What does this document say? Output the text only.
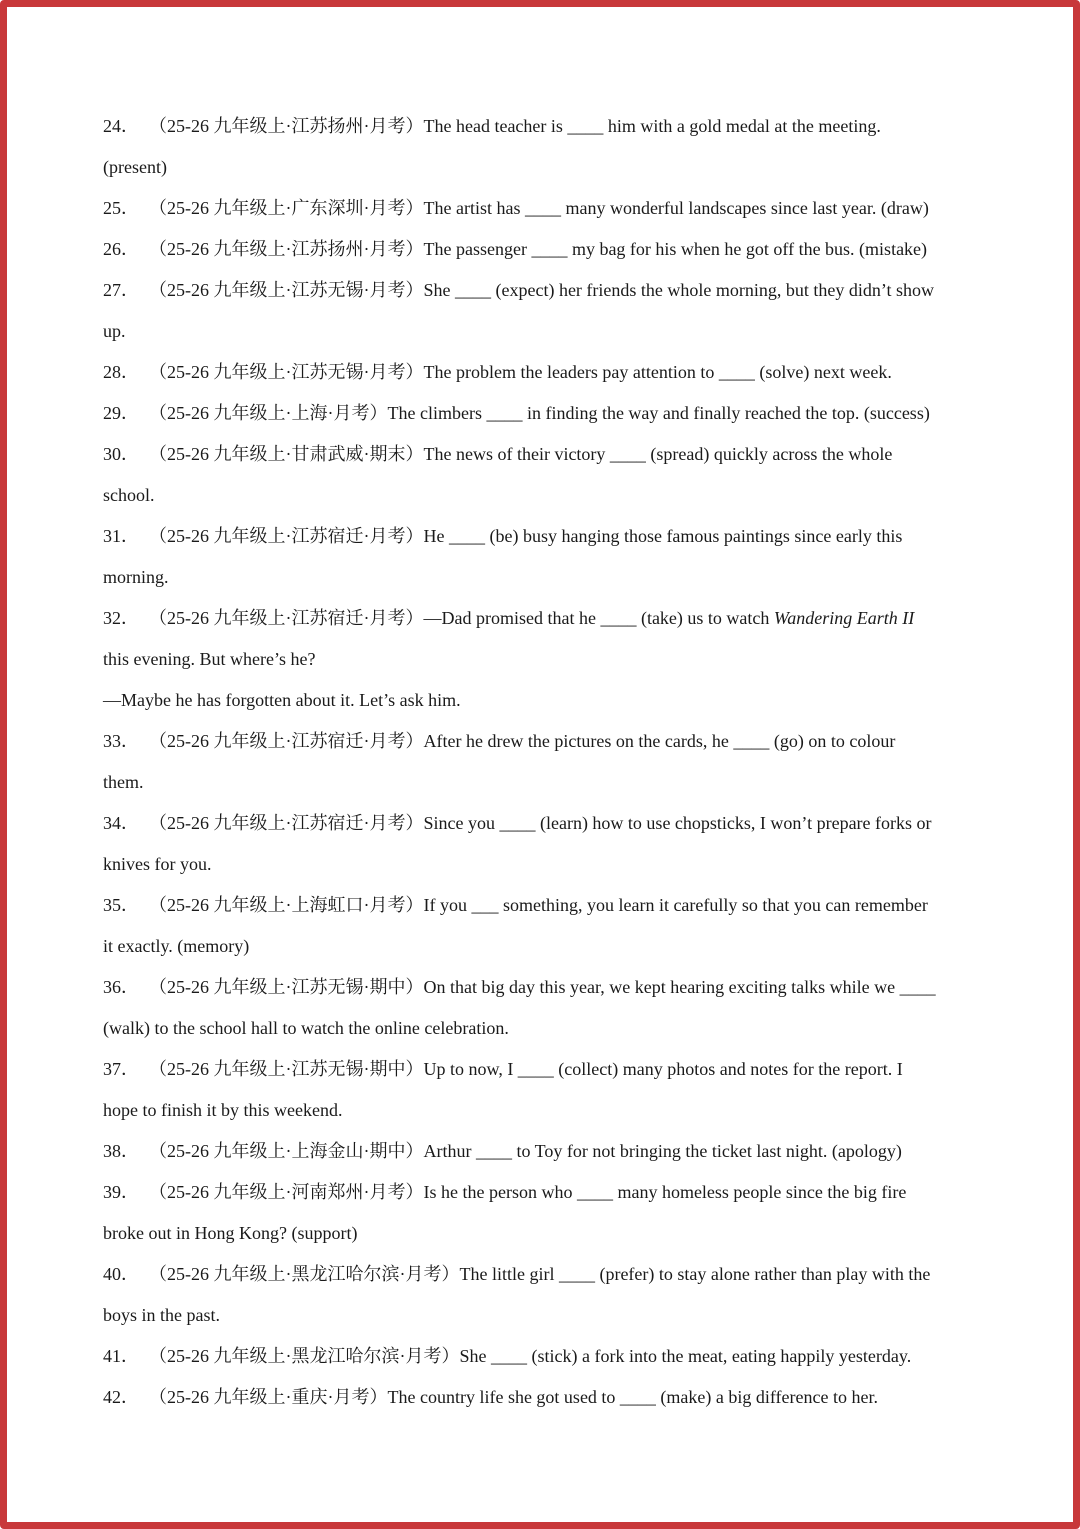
24． （25-26 九年级上·江苏扬州·月考）The head teacher is ____ him with a gold medal at the meeting.
(present)
25． （25-26 九年级上·广东深圳·月考）The artist has ____ many wonderful landscapes since last year. (draw)
26． （25-26 九年级上·江苏扬州·月考）The passenger ____ my bag for his when he got off the bus. (mistake)
27． （25-26 九年级上·江苏无锡·月考）She ____ (expect) her friends the whole morning, but they didn’t show
up.
28． （25-26 九年级上·江苏无锡·月考）The problem the leaders pay attention to ____ (solve) next week.
29． （25-26 九年级上·上海·月考）The climbers ____ in finding the way and finally reached the top. (success)
30． （25-26 九年级上·甘肃武威·期末）The news of their victory ____ (spread) quickly across the whole
school.
31． （25-26 九年级上·江苏宿迁·月考）He ____ (be) busy hanging those famous paintings since early this
morning.
32． （25-26 九年级上·江苏宿迁·月考）—Dad promised that he ____ (take) us to watch Wandering Earth II
this evening. But where’s he?
—Maybe he has forgotten about it. Let’s ask him.
33． （25-26 九年级上·江苏宿迁·月考）After he drew the pictures on the cards, he ____ (go) on to colour
them.
34． （25-26 九年级上·江苏宿迁·月考）Since you ____ (learn) how to use chopsticks, I won’t prepare forks or
knives for you.
35． （25-26 九年级上·上海虹口·月考）If you ___ something, you learn it carefully so that you can remember
it exactly. (memory)
36． （25-26 九年级上·江苏无锡·期中）On that big day this year, we kept hearing exciting talks while we ____
(walk) to the school hall to watch the online celebration.
37． （25-26 九年级上·江苏无锡·期中）Up to now, I ____ (collect) many photos and notes for the report. I
hope to finish it by this weekend.
38． （25-26 九年级上·上海金山·期中）Arthur ____ to Toy for not bringing the ticket last night. (apology)
39． （25-26 九年级上·河南郑州·月考）Is he the person who ____ many homeless people since the big fire
broke out in Hong Kong? (support)
40． （25-26 九年级上·黑龙江哈尔滨·月考）The little girl ____ (prefer) to stay alone rather than play with the
boys in the past.
41． （25-26 九年级上·黑龙江哈尔滨·月考）She ____ (stick) a fork into the meat, eating happily yesterday.
42． （25-26 九年级上·重庆·月考）The country life she got used to ____ (make) a big difference to her.
